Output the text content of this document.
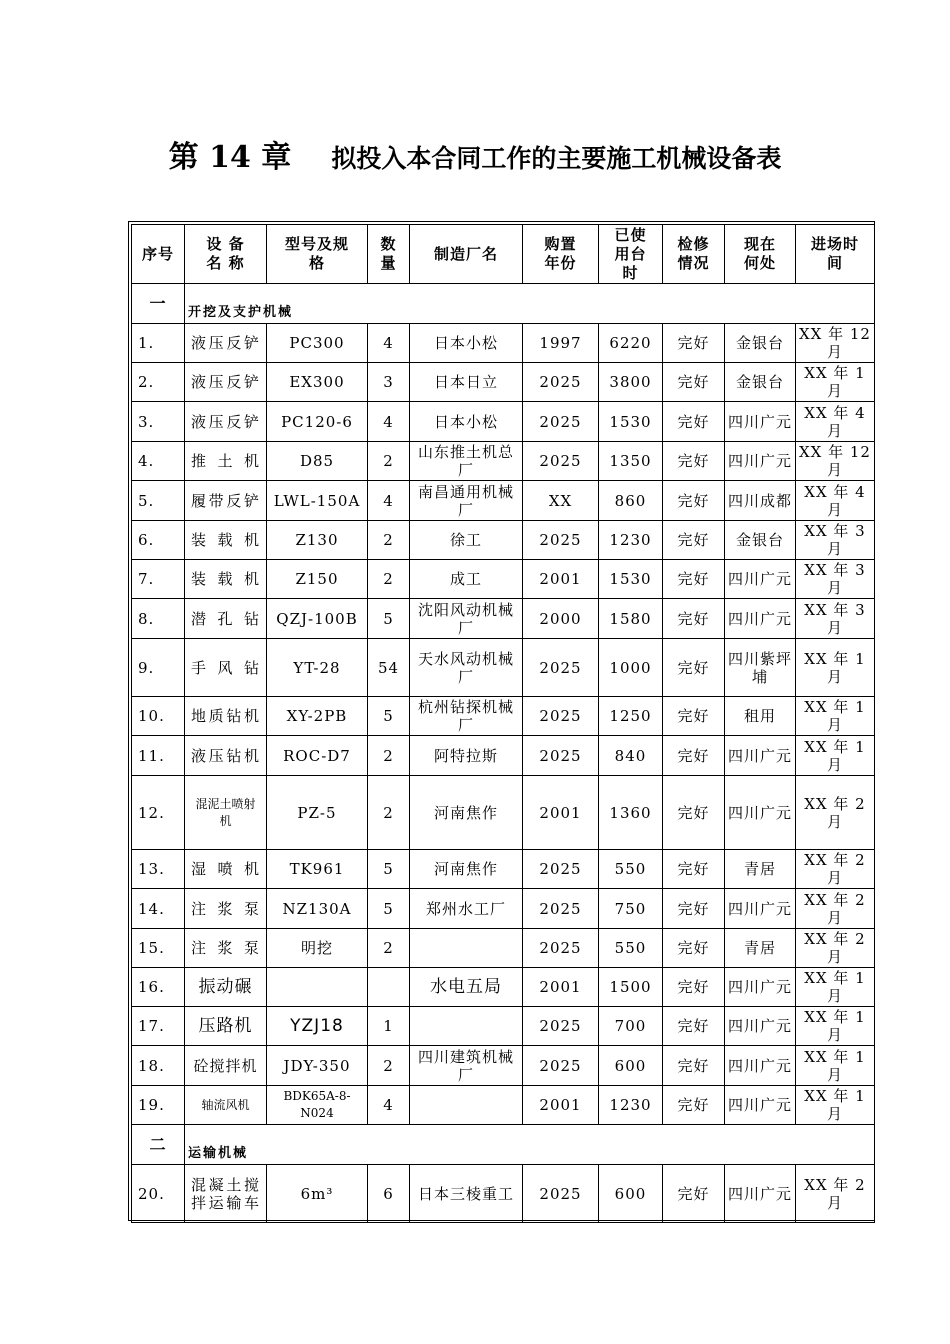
第 14 章 拟投入本合同工作的主要施工机械设备表
序号	设 备 名 称	型号及规格	数量	制造厂名	购置年份	已使用台时	检修情况	现在何处	进场时间
一	开挖及支护机械								
1.	液压反铲	PC300	4	日本小松	1997	6220	完好	金银台	XX 年 12 月
2.	液压反铲	EX300	3	日本日立	2025	3800	完好	金银台	XX 年 1 月
3.	液压反铲	PC120-6	4	日本小松	2025	1530	完好	四川广元	XX 年 4 月
4.	推土机	D85	2	山东推土机总厂	2025	1350	完好	四川广元	XX 年 12 月
5.	履带反铲	LWL-150A	4	南昌通用机械厂	XX	860	完好	四川成都	XX 年 4 月
6.	装载机	Z130	2	徐工	2025	1230	完好	金银台	XX 年 3 月
7.	装载机	Z150	2	成工	2001	1530	完好	四川广元	XX 年 3 月
8.	潜孔钻	QZJ-100B	5	沈阳风动机械厂	2000	1580	完好	四川广元	XX 年 3 月
9.	手风钻	YT-28	54	天水风动机械厂	2025	1000	完好	四川紫坪埔	XX 年 1 月
10.	地质钻机	XY-2PB	5	杭州钻探机械厂	2025	1250	完好	租用	XX 年 1 月
11.	液压钻机	ROC-D7	2	阿特拉斯	2025	840	完好	四川广元	XX 年 1 月
12.	混泥土喷射机	PZ-5	2	河南焦作	2001	1360	完好	四川广元	XX 年 2 月
13.	湿喷机	TK961	5	河南焦作	2025	550	完好	青居	XX 年 2 月
14.	注浆泵	NZ130A	5	郑州水工厂	2025	750	完好	四川广元	XX 年 2 月
15.	注浆泵	明挖	2		2025	550	完好	青居	XX 年 2 月
16.	振动碾			水电五局	2001	1500	完好	四川广元	XX 年 1 月
17.	压路机	YZJ18	1		2025	700	完好	四川广元	XX 年 1 月
18.	砼搅拌机	JDY-350	2	四川建筑机械厂	2025	600	完好	四川广元	XX 年 1 月
19.	轴流风机	BDK65A-8-N024	4		2001	1230	完好	四川广元	XX 年 1 月
二	运输机械								
20.	混凝土搅拌运输车	6m³	6	日本三棱重工	2025	600	完好	四川广元	XX 年 2 月
